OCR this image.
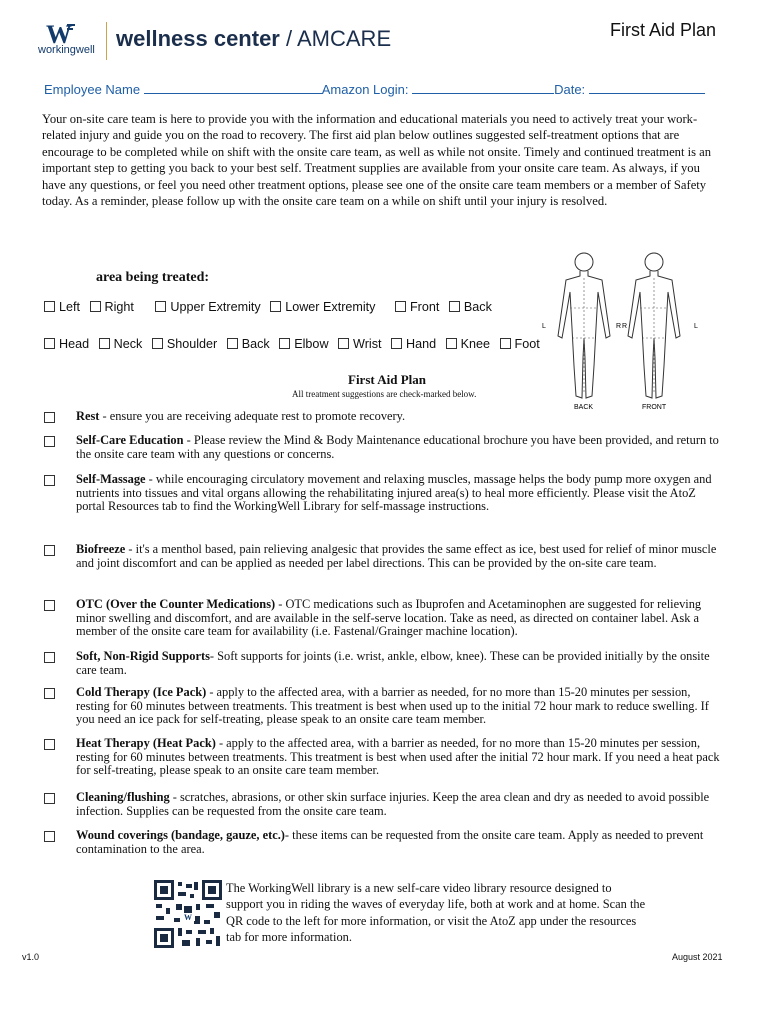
W
workingwell wellness center / AMCARE	First Aid Plan
Employee Name	Amazon Login:	Date:
Your on-site care team is here to provide you with the information and educational materials you need to actively treat your work-related injury and guide you on the road to recovery. The first aid plan below outlines suggested self-treatment options that are encourage to be completed while on shift with the onsite care team, as well as while not onsite. Timely and continued treatment is an important step to getting you back to your best self. Treatment supplies are available from your onsite care team. As always, if you have any questions, or feel you need other treatment options, please see one of the onsite care team members or a member of Safety today. As a reminder, please follow up with the onsite care team on a while on shift until your injury is resolved.
area being treated:
Left Right	Upper Extremity Lower Extremity	Front Back
Head Neck Shoulder Back Elbow Wrist Hand Knee Foot
L	R R	L
BACK	FRONT
First Aid Plan
All treatment suggestions are check-marked below.
Rest - ensure you are receiving adequate rest to promote recovery.
Self-Care Education - Please review the Mind & Body Maintenance educational brochure you have been provided, and return to the onsite care team with any questions or concerns.
Self-Massage - while encouraging circulatory movement and relaxing muscles, massage helps the body pump more oxygen and nutrients into tissues and vital organs allowing the rehabilitating injured area(s) to heal more efficiently. Please visit the AtoZ portal Resources tab to find the WorkingWell Library for self-massage instructions.
Biofreeze - it's a menthol based, pain relieving analgesic that provides the same effect as ice, best used for relief of minor muscle and joint discomfort and can be applied as needed per label directions. This can be provided by the on-site care team.
OTC (Over the Counter Medications) - OTC medications such as Ibuprofen and Acetaminophen are suggested for relieving minor swelling and discomfort, and are available in the self-serve location. Take as need, as directed on container label. Ask a member of the onsite care team for availability (i.e. Fastenal/Grainger machine location).
Soft, Non-Rigid Supports- Soft supports for joints (i.e. wrist, ankle, elbow, knee). These can be provided initially by the onsite care team.
Cold Therapy (Ice Pack) - apply to the affected area, with a barrier as needed, for no more than 15-20 minutes per session, resting for 60 minutes between treatments. This treatment is best when used up to the initial 72 hour mark to reduce swelling. If you need an ice pack for self-treating, please speak to an onsite care team member.
Heat Therapy (Heat Pack) - apply to the affected area, with a barrier as needed, for no more than 15-20 minutes per session, resting for 60 minutes between treatments. This treatment is best when used after the initial 72 hour mark. If you need a heat pack for self-treating, please speak to an onsite care team member.
Cleaning/flushing - scratches, abrasions, or other skin surface injuries. Keep the area clean and dry as needed to avoid possible infection. Supplies can be requested from the onsite care team.
Wound coverings (bandage, gauze, etc.)- these items can be requested from the onsite care team. Apply as needed to prevent contamination to the area.
W
The WorkingWell library is a new self-care video library resource designed to support you in riding the waves of everyday life, both at work and at home. Scan the QR code to the left for more information, or visit the AtoZ app under the resources tab for more information.
v1.0	August 2021
